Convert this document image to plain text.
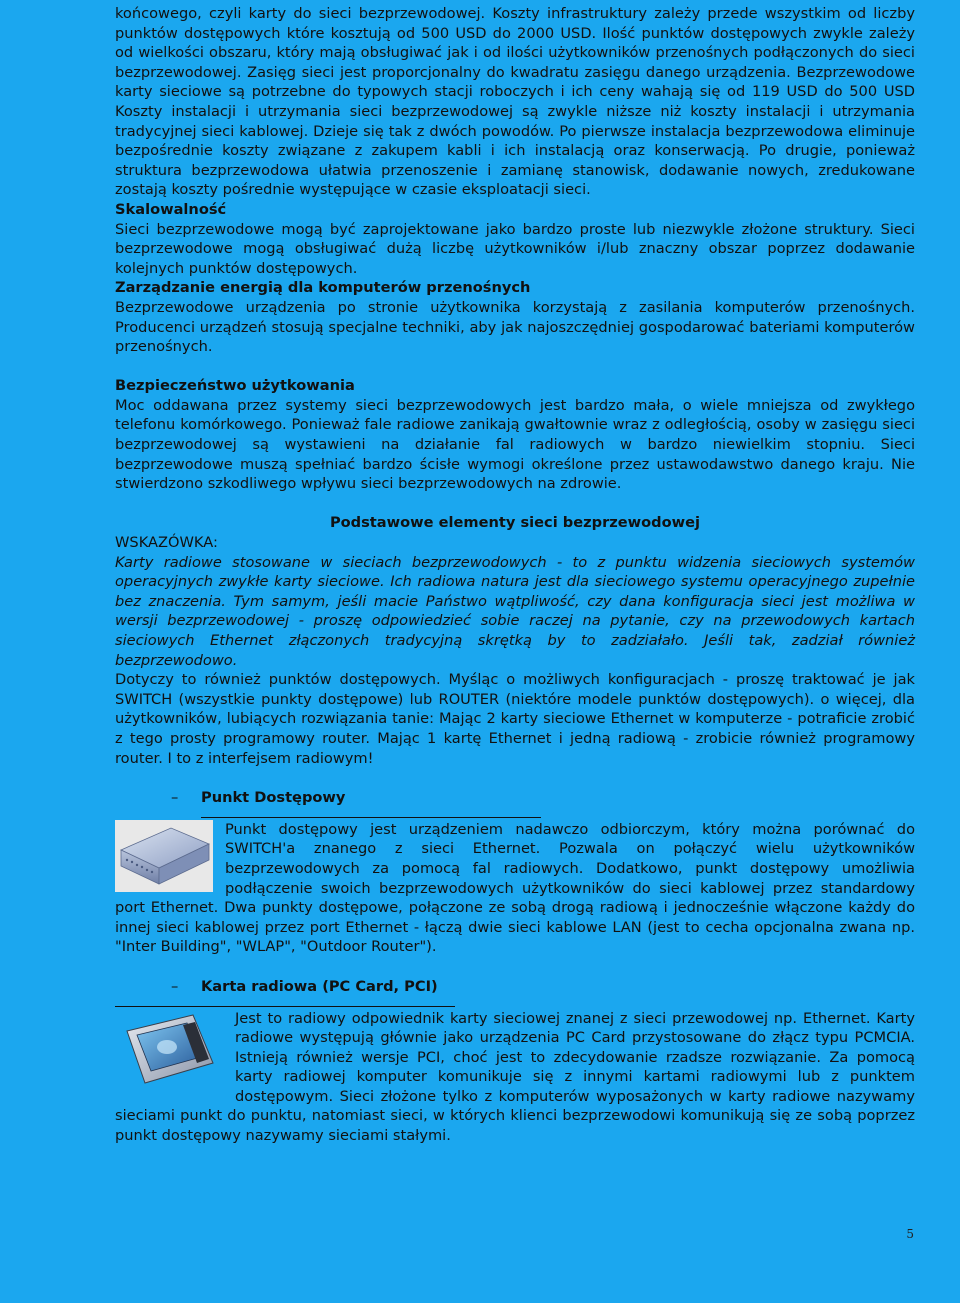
końcowego, czyli karty do sieci bezprzewodowej. Koszty infrastruktury zależy przede wszystkim od liczby punktów dostępowych które kosztują od 500 USD do 2000 USD. Ilość punktów dostępowych zwykle zależy od wielkości obszaru, który mają obsługiwać jak i od ilości użytkowników przenośnych podłączonych do sieci bezprzewodowej. Zasięg sieci jest proporcjonalny do kwadratu zasięgu danego urządzenia. Bezprzewodowe karty sieciowe są potrzebne do typowych stacji roboczych i ich ceny wahają się od 119 USD do 500 USD Koszty instalacji i utrzymania sieci bezprzewodowej są zwykle niższe niż koszty instalacji i utrzymania tradycyjnej sieci kablowej. Dzieje się tak z dwóch powodów. Po pierwsze instalacja bezprzewodowa eliminuje bezpośrednie koszty związane z zakupem kabli i ich instalacją oraz konserwacją. Po drugie, ponieważ struktura bezprzewodowa ułatwia przenoszenie i zamianę stanowisk, dodawanie nowych, zredukowane zostają koszty pośrednie występujące w czasie eksploatacji sieci.

Skalowalność

Sieci bezprzewodowe mogą być zaprojektowane jako bardzo proste lub niezwykle złożone struktury. Sieci bezprzewodowe mogą obsługiwać dużą liczbę użytkowników i/lub znaczny obszar poprzez dodawanie kolejnych punktów dostępowych.

Zarządzanie energią dla komputerów przenośnych

Bezprzewodowe urządzenia po stronie użytkownika korzystają z zasilania komputerów przenośnych. Producenci urządzeń stosują specjalne techniki, aby jak najoszczędniej gospodarować bateriami komputerów przenośnych.

Bezpieczeństwo użytkowania

Moc oddawana przez systemy sieci bezprzewodowych jest bardzo mała, o wiele mniejsza od zwykłego telefonu komórkowego. Ponieważ fale radiowe zanikają gwałtownie wraz z odległością, osoby w zasięgu sieci bezprzewodowej są wystawieni na działanie fal radiowych w bardzo niewielkim stopniu. Sieci bezprzewodowe muszą spełniać bardzo ścisłe wymogi określone przez ustawodawstwo danego kraju. Nie stwierdzono szkodliwego wpływu sieci bezprzewodowych na zdrowie.

Podstawowe elementy sieci bezprzewodowej

WSKAZÓWKA:

Karty radiowe stosowane w sieciach bezprzewodowych - to z punktu widzenia sieciowych systemów operacyjnych zwykłe karty sieciowe. Ich radiowa natura jest dla sieciowego systemu operacyjnego zupełnie bez znaczenia. Tym samym, jeśli macie Państwo wątpliwość, czy dana konfiguracja sieci jest możliwa w wersji bezprzewodowej - proszę odpowiedzieć sobie raczej na pytanie, czy na przewodowych kartach sieciowych Ethernet złączonych tradycyjną skrętką by to zadziałało. Jeśli tak, zadział również bezprzewodowo.

Dotyczy to również punktów dostępowych. Myśląc o możliwych konfiguracjach - proszę traktować je jak SWITCH (wszystkie punkty dostępowe) lub ROUTER (niektóre modele punktów dostępowych). o więcej, dla użytkowników, lubiących rozwiązania tanie: Mając 2 karty sieciowe Ethernet w komputerze - potraficie zrobić z tego prosty programowy router. Mając 1 kartę Ethernet i jedną radiową - zrobicie również programowy router. I to z interfejsem radiowym!

–	Punkt Dostępowy

Punkt dostępowy jest urządzeniem nadawczo odbiorczym, który można porównać do SWITCH'a znanego z sieci Ethernet. Pozwala on połączyć wielu użytkowników bezprzewodowych za pomocą fal radiowych. Dodatkowo, punkt dostępowy umożliwia podłączenie swoich bezprzewodowych użytkowników do sieci kablowej przez standardowy port Ethernet. Dwa punkty dostępowe, połączone ze sobą drogą radiową i jednocześnie włączone każdy do innej sieci kablowej przez port Ethernet - łączą dwie sieci kablowe LAN (jest to cecha opcjonalna zwana np. "Inter Building", "WLAP", "Outdoor Router").

–	Karta radiowa (PC Card, PCI)

Jest to radiowy odpowiednik karty sieciowej znanej z sieci przewodowej np. Ethernet. Karty radiowe występują głównie jako urządzenia PC Card przystosowane do złącz typu PCMCIA. Istnieją również wersje PCI, choć jest to zdecydowanie rzadsze rozwiązanie. Za pomocą karty radiowej komputer komunikuje się z innymi kartami radiowymi lub z punktem dostępowym. Sieci złożone tylko z komputerów wyposażonych w karty radiowe nazywamy sieciami punkt do punktu, natomiast sieci, w których klienci bezprzewodowi komunikują się ze sobą poprzez punkt dostępowy nazywamy sieciami stałymi.

5
